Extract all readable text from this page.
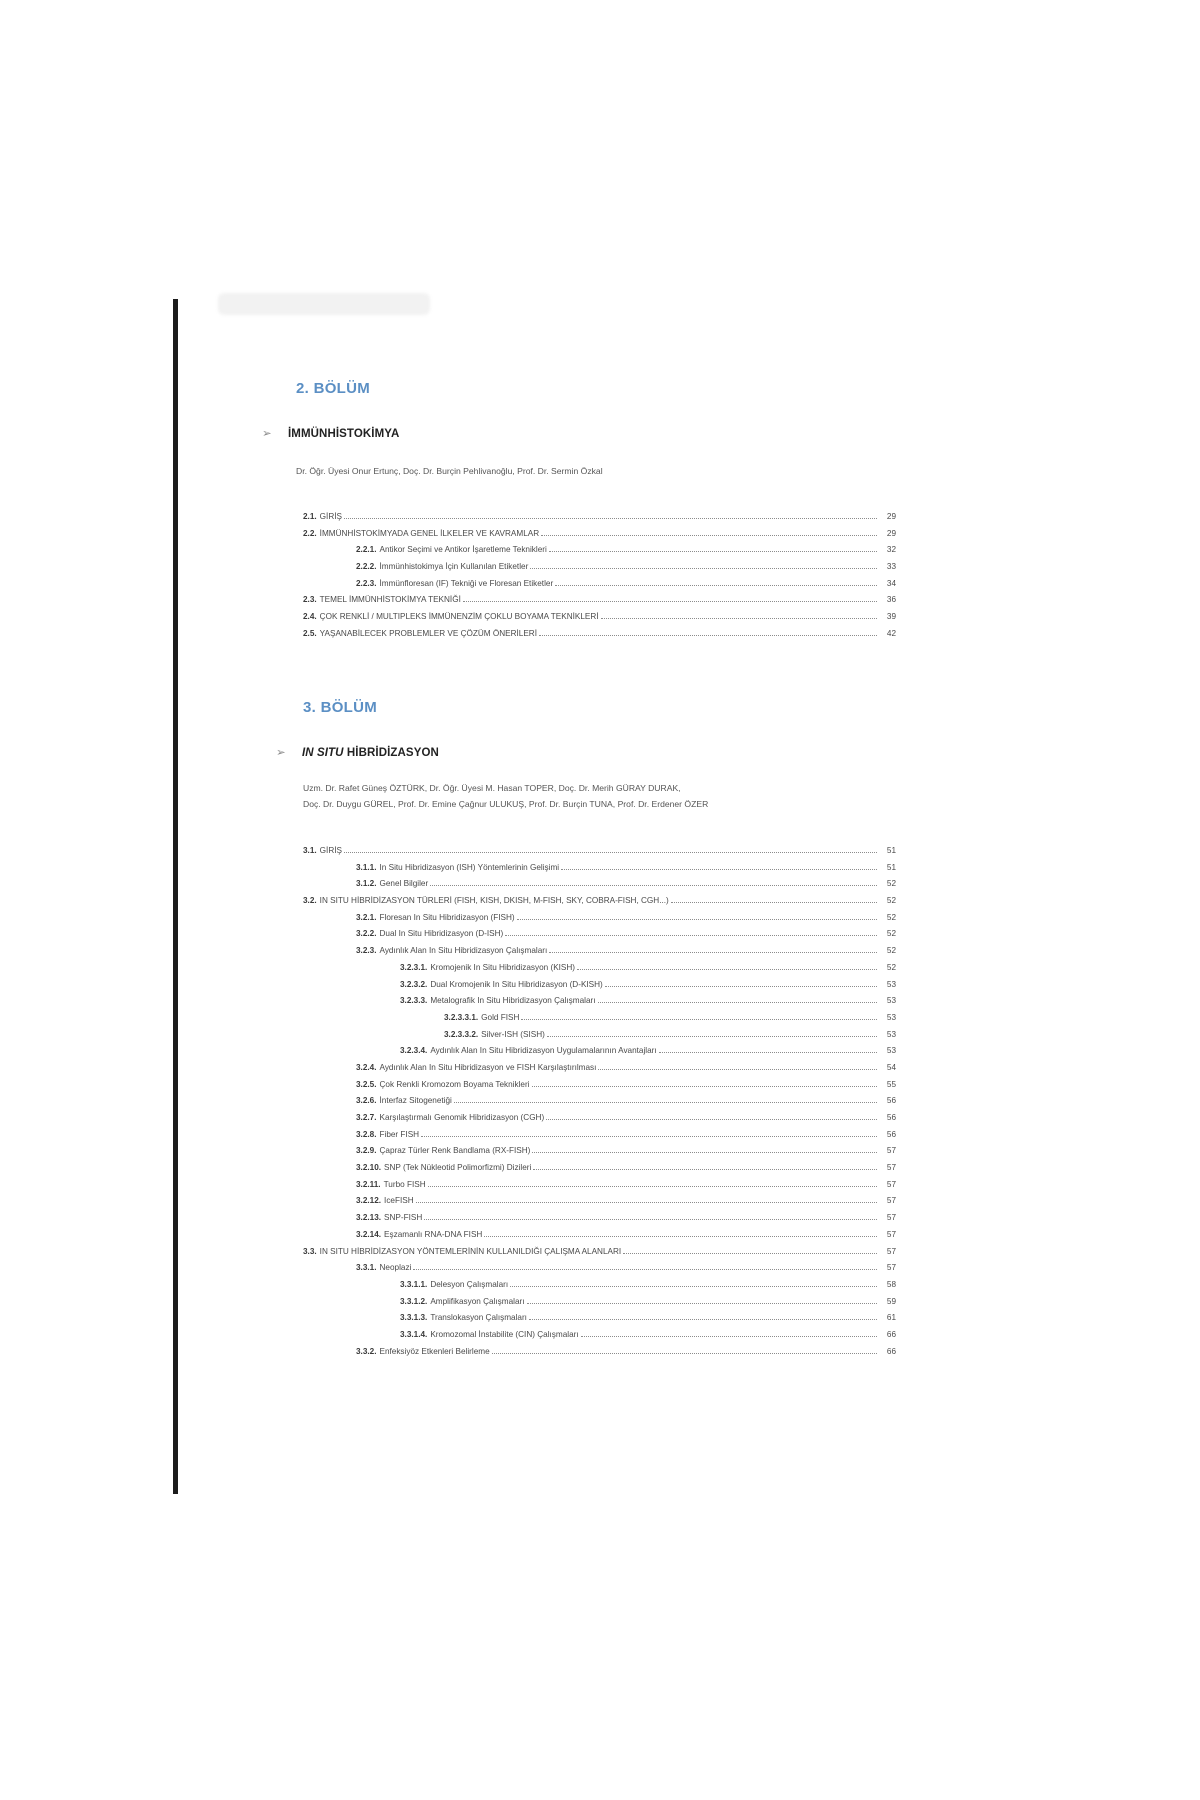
2. BÖLÜM
➢ İMMÜNHİSTOKİMYA
Dr. Öğr. Üyesi Onur Ertunç, Doç. Dr. Burçin Pehlivanoğlu, Prof. Dr. Sermin Özkal
2.1. GİRİŞ	29
2.2. İMMÜNHİSTOKİMYADA GENEL İLKELER VE KAVRAMLAR	29
2.2.1. Antikor Seçimi ve Antikor İşaretleme Teknikleri	32
2.2.2. İmmünhistokimya İçin Kullanılan Etiketler	33
2.2.3. İmmünfloresan (IF) Tekniği ve Floresan Etiketler	34
2.3. TEMEL İMMÜNHİSTOKİMYA TEKNİĞİ	36
2.4. ÇOK RENKLİ / MULTIPLEKS İMMÜNENZİM ÇOKLU BOYAMA TEKNİKLERİ	39
2.5. YAŞANABİLECEK PROBLEMLER VE ÇÖZÜM ÖNERİLERİ	42
3. BÖLÜM
➢ IN SITU HİBRİDİZASYON
Uzm. Dr. Rafet Güneş ÖZTÜRK, Dr. Öğr. Üyesi M. Hasan TOPER, Doç. Dr. Merih GÜRAY DURAK,
Doç. Dr. Duygu GÜREL, Prof. Dr. Emine Çağnur ULUKUŞ, Prof. Dr. Burçin TUNA, Prof. Dr. Erdener ÖZER
3.1. GİRİŞ	51
3.1.1. In Situ Hibridizasyon (ISH) Yöntemlerinin Gelişimi	51
3.1.2. Genel Bilgiler	52
3.2. IN SITU HİBRİDİZASYON TÜRLERİ (FISH, KISH, DKISH, M-FISH, SKY, COBRA-FISH, CGH...)	52
3.2.1. Floresan In Situ Hibridizasyon (FISH)	52
3.2.2. Dual In Situ Hibridizasyon (D-ISH)	52
3.2.3. Aydınlık Alan In Situ Hibridizasyon Çalışmaları	52
3.2.3.1. Kromojenik In Situ Hibridizasyon (KISH)	52
3.2.3.2. Dual Kromojenik In Situ Hibridizasyon (D-KISH)	53
3.2.3.3. Metalografik In Situ Hibridizasyon Çalışmaları	53
3.2.3.3.1. Gold FISH	53
3.2.3.3.2. Silver-ISH (SISH)	53
3.2.3.4. Aydınlık Alan In Situ Hibridizasyon Uygulamalarının Avantajları	53
3.2.4. Aydınlık Alan In Situ Hibridizasyon ve FISH Karşılaştırılması	54
3.2.5. Çok Renkli Kromozom Boyama Teknikleri	55
3.2.6. İnterfaz Sitogenetiği	56
3.2.7. Karşılaştırmalı Genomik Hibridizasyon (CGH)	56
3.2.8. Fiber FISH	56
3.2.9. Çapraz Türler Renk Bandlama (RX-FISH)	57
3.2.10. SNP (Tek Nükleotid Polimorfizmi) Dizileri	57
3.2.11. Turbo FISH	57
3.2.12. IceFISH	57
3.2.13. SNP-FISH	57
3.2.14. Eşzamanlı RNA-DNA FISH	57
3.3. IN SITU HİBRİDİZASYON YÖNTEMLERİNİN KULLANILDIĞI ÇALIŞMA ALANLARI	57
3.3.1. Neoplazi	57
3.3.1.1. Delesyon Çalışmaları	58
3.3.1.2. Amplifikasyon Çalışmaları	59
3.3.1.3. Translokasyon Çalışmaları	61
3.3.1.4. Kromozomal İnstabilite (CIN) Çalışmaları	66
3.3.2. Enfeksiyöz Etkenleri Belirleme	66
